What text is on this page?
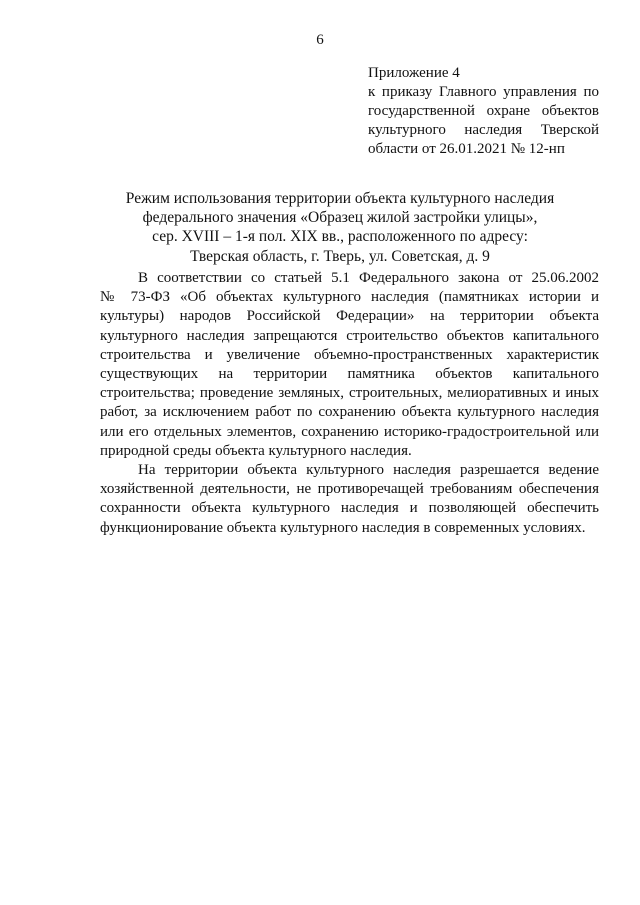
6
Приложение 4
к приказу Главного управления по
государственной охране объектов
культурного наследия Тверской
области от 26.01.2021 № 12-нп
Режим использования территории объекта культурного наследия
федерального значения «Образец жилой застройки улицы»,
сер. XVIII – 1-я пол. XIX вв., расположенного по адресу:
Тверская область, г. Тверь, ул. Советская, д. 9
В соответствии со статьей 5.1 Федерального закона от 25.06.2002
№ 73-ФЗ «Об объектах культурного наследия (памятниках истории и
культуры) народов Российской Федерации» на территории объекта
культурного наследия запрещаются строительство объектов капитального
строительства и увеличение объемно-пространственных характеристик
существующих на территории памятника объектов капитального
строительства; проведение земляных, строительных, мелиоративных и иных
работ, за исключением работ по сохранению объекта культурного наследия
или его отдельных элементов, сохранению историко-градостроительной или
природной среды объекта культурного наследия.
На территории объекта культурного наследия разрешается ведение
хозяйственной деятельности, не противоречащей требованиям обеспечения
сохранности объекта культурного наследия и позволяющей обеспечить
функционирование объекта культурного наследия в современных условиях.
